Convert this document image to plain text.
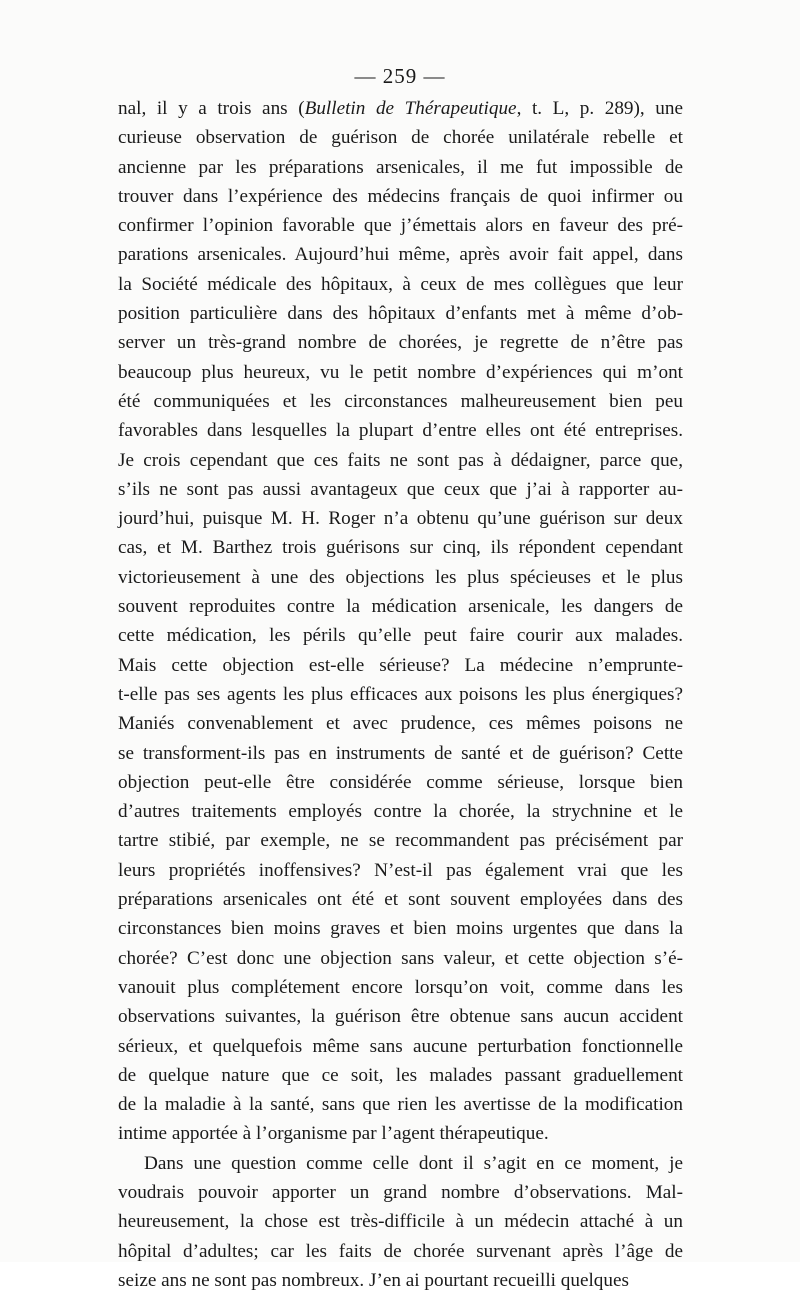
— 259 —
nal, il y a trois ans (Bulletin de Thérapeutique, t. L, p. 289), une
curieuse observation de guérison de chorée unilatérale rebelle et
ancienne par les préparations arsenicales, il me fut impossible de
trouver dans l’expérience des médecins français de quoi infirmer ou
confirmer l’opinion favorable que j’émettais alors en faveur des pré-
parations arsenicales. Aujourd’hui même, après avoir fait appel, dans
la Société médicale des hôpitaux, à ceux de mes collègues que leur
position particulière dans des hôpitaux d’enfants met à même d’ob-
server un très-grand nombre de chorées, je regrette de n’être pas
beaucoup plus heureux, vu le petit nombre d’expériences qui m’ont
été communiquées et les circonstances malheureusement bien peu
favorables dans lesquelles la plupart d’entre elles ont été entreprises.
Je crois cependant que ces faits ne sont pas à dédaigner, parce que,
s’ils ne sont pas aussi avantageux que ceux que j’ai à rapporter au-
jourd’hui, puisque M. H. Roger n’a obtenu qu’une guérison sur deux
cas, et M. Barthez trois guérisons sur cinq, ils répondent cependant
victorieusement à une des objections les plus spécieuses et le plus
souvent reproduites contre la médication arsenicale, les dangers de
cette médication, les périls qu’elle peut faire courir aux malades.
Mais cette objection est-elle sérieuse? La médecine n’emprunte-
t-elle pas ses agents les plus efficaces aux poisons les plus énergiques?
Maniés convenablement et avec prudence, ces mêmes poisons ne
se transforment-ils pas en instruments de santé et de guérison? Cette
objection peut-elle être considérée comme sérieuse, lorsque bien
d’autres traitements employés contre la chorée, la strychnine et le
tartre stibié, par exemple, ne se recommandent pas précisément par
leurs propriétés inoffensives? N’est-il pas également vrai que les
préparations arsenicales ont été et sont souvent employées dans des
circonstances bien moins graves et bien moins urgentes que dans la
chorée? C’est donc une objection sans valeur, et cette objection s’é-
vanouit plus complétement encore lorsqu’on voit, comme dans les
observations suivantes, la guérison être obtenue sans aucun accident
sérieux, et quelquefois même sans aucune perturbation fonctionnelle
de quelque nature que ce soit, les malades passant graduellement
de la maladie à la santé, sans que rien les avertisse de la modification
intime apportée à l’organisme par l’agent thérapeutique.
Dans une question comme celle dont il s’agit en ce moment, je
voudrais pouvoir apporter un grand nombre d’observations. Mal-
heureusement, la chose est très-difficile à un médecin attaché à un
hôpital d’adultes; car les faits de chorée survenant après l’âge de
seize ans ne sont pas nombreux. J’en ai pourtant recueilli quelques
